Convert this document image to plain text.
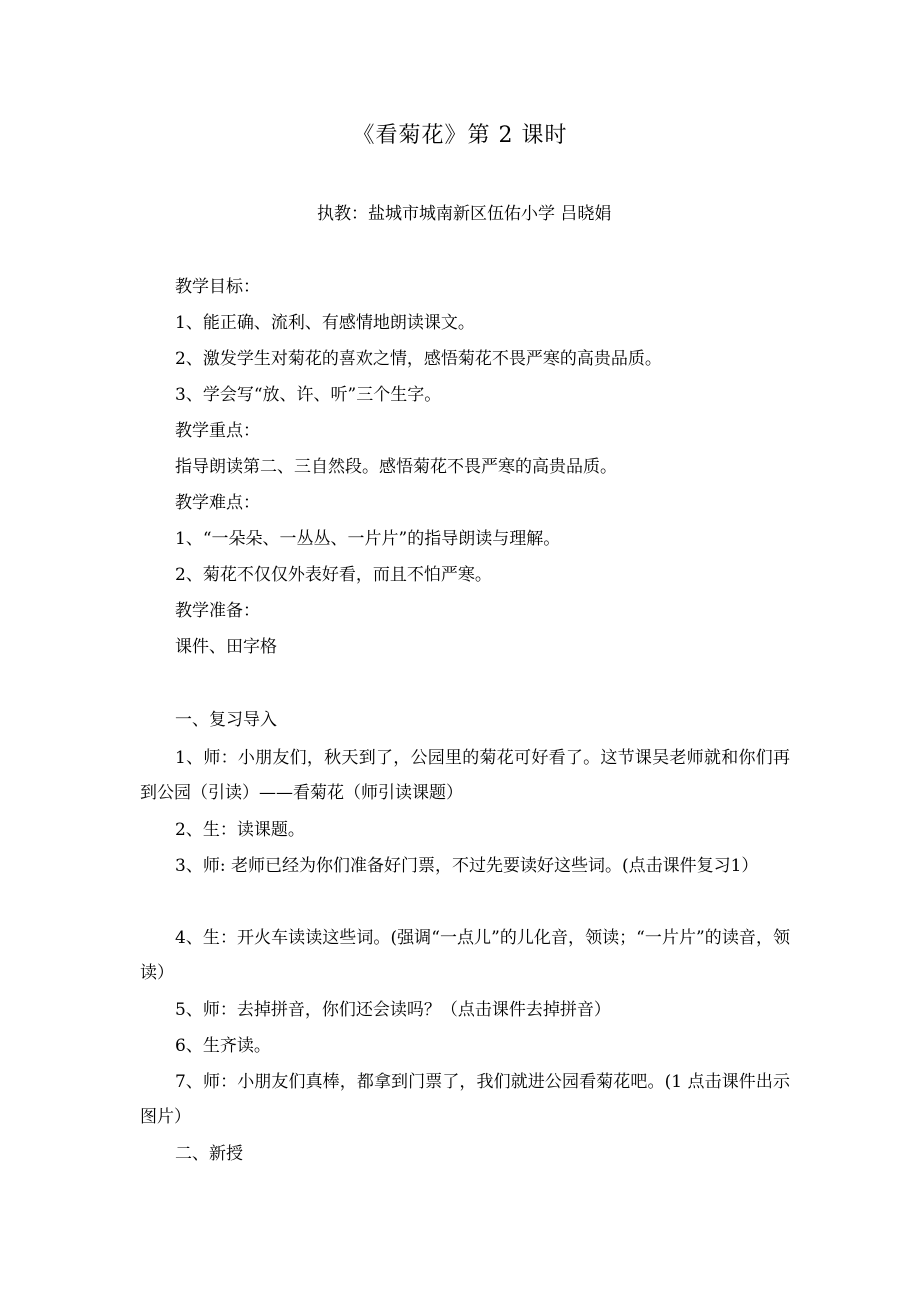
《看菊花》第 2 课时
执教：盐城市城南新区伍佑小学 吕晓娟
教学目标：
1、能正确、流利、有感情地朗读课文。
2、激发学生对菊花的喜欢之情，感悟菊花不畏严寒的高贵品质。
3、学会写“放、许、听”三个生字。
教学重点：
指导朗读第二、三自然段。感悟菊花不畏严寒的高贵品质。
教学难点：
1、“一朵朵、一丛丛、一片片”的指导朗读与理解。
2、菊花不仅仅外表好看，而且不怕严寒。
教学准备：
课件、田字格
一、复习导入
1、师：小朋友们，秋天到了，公园里的菊花可好看了。这节课吴老师就和你们再到公园（引读）——看菊花（师引读课题）
2、生：读课题。
3、师: 老师已经为你们准备好门票，不过先要读好这些词。(点击课件复习1）
4、生：开火车读读这些词。(强调“一点儿”的儿化音，领读；“一片片”的读音，领读）
5、师：去掉拼音，你们还会读吗？（点击课件去掉拼音）
6、生齐读。
7、师：小朋友们真棒，都拿到门票了，我们就进公园看菊花吧。(1 点击课件出示图片）
二、新授
